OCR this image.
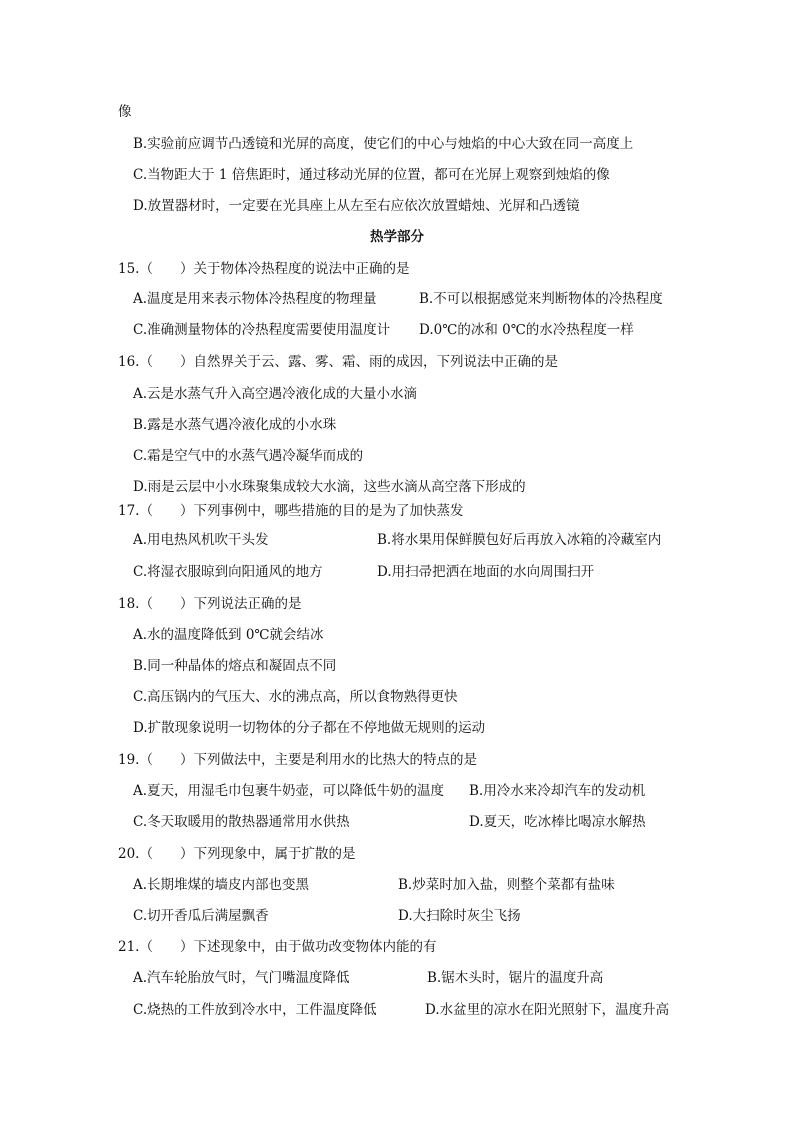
像
B.实验前应调节凸透镜和光屏的高度，使它们的中心与烛焰的中心大致在同一高度上
C.当物距大于 1 倍焦距时，通过移动光屏的位置，都可在光屏上观察到烛焰的像
D.放置器材时，一定要在光具座上从左至右应依次放置蜡烛、光屏和凸透镜
热学部分
15.（　　）关于物体冷热程度的说法中正确的是
A.温度是用来表示物体冷热程度的物理量	B.不可以根据感觉来判断物体的冷热程度
C.准确测量物体的冷热程度需要使用温度计 D.0℃的冰和 0℃的水冷热程度一样
16.（　　）自然界关于云、露、雾、霜、雨的成因，下列说法中正确的是
A.云是水蒸气升入高空遇冷液化成的大量小水滴
B.露是水蒸气遇冷液化成的小水珠
C.霜是空气中的水蒸气遇冷凝华而成的
D.雨是云层中小水珠聚集成较大水滴，这些水滴从高空落下形成的
17.（　　）下列事例中，哪些措施的目的是为了加快蒸发
A.用电热风机吹干头发	B.将水果用保鲜膜包好后再放入冰箱的冷藏室内
C.将湿衣服晾到向阳通风的地方	D.用扫帚把洒在地面的水向周围扫开
18.（　　）下列说法正确的是
A.水的温度降低到 0℃就会结冰
B.同一种晶体的熔点和凝固点不同
C.高压锅内的气压大、水的沸点高，所以食物熟得更快
D.扩散现象说明一切物体的分子都在不停地做无规则的运动
19.（　　）下列做法中，主要是利用水的比热大的特点的是
A.夏天，用湿毛巾包裹牛奶壶，可以降低牛奶的温度 B.用冷水来冷却汽车的发动机
C.冬天取暖用的散热器通常用水供热	D.夏天，吃冰棒比喝凉水解热
20.（　　）下列现象中，属于扩散的是
A.长期堆煤的墙皮内部也变黑	B.炒菜时加入盐，则整个菜都有盐味
C.切开香瓜后满屋飘香	D.大扫除时灰尘飞扬
21.（　　）下述现象中，由于做功改变物体内能的有
A.汽车轮胎放气时，气门嘴温度降低	B.锯木头时，锯片的温度升高
C.烧热的工件放到冷水中，工件温度降低	D.水盆里的凉水在阳光照射下，温度升高
